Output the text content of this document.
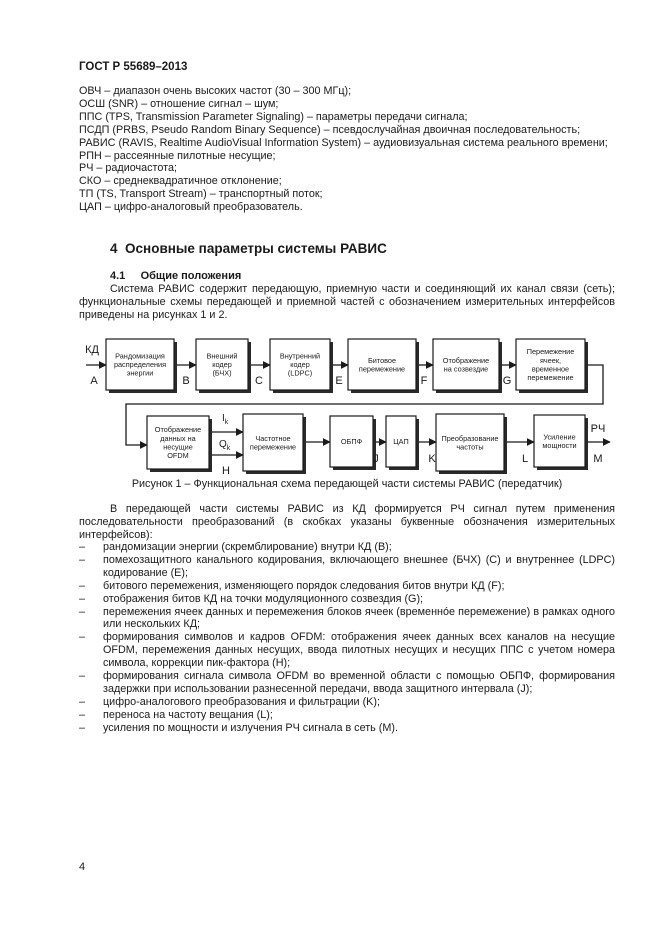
ГОСТ Р 55689–2013
ОВЧ – диапазон очень высоких частот (30 – 300 МГц);
ОСШ (SNR) – отношение сигнал – шум;
ППС (TPS, Transmission Parameter Signaling) – параметры передачи сигнала;
ПСДП (PRBS, Pseudo Random Binary Sequence) – псевдослучайная двоичная последовательность;
РАВИС (RAVIS, Realtime AudioVisual Information System) – аудиовизуальная система реального времени;
РПН – рассеянные пилотные несущие;
РЧ – радиочастота;
СКО – среднеквадратичное отклонение;
ТП (TS, Transport Stream) – транспортный поток;
ЦАП – цифро-аналоговый преобразователь.
4 Основные параметры системы РАВИС
4.1 Общие положения
Система РАВИС содержит передающую, приемную части и соединяющий их канал связи (сеть); функциональные схемы передающей и приемной частей с обозначением измерительных интерфейсов приведены на рисунках 1 и 2.
Рандомизация
распределения
энергии
Внешний
кодер
(БЧХ)
Внутренний
кодер
(LDPC)
Битовое
перемежение
Отображение
на созвездие
Перемежение
ячеек,
временное
перемежение
КД
A	B	C	E	F	G
Отображение
данных на
несущие
OFDM
Частотное
перемежение
ОБПФ	ЦАП	Преобразование
частоты
Усиление
мощности
$I_k$
$Q_k$
H
J	K	L
РЧ
M
Рисунок 1 – Функциональная схема передающей части системы РАВИС (передатчик)
В передающей части системы РАВИС из КД формируется РЧ сигнал путем применения последовательности преобразований (в скобках указаны буквенные обозначения измерительных интерфейсов):
– рандомизации энергии (скремблирование) внутри КД (B);
– помехозащитного канального кодирования, включающего внешнее (БЧХ) (С) и внутреннее (LDPC) кодирование (E);
– битового перемежения, изменяющего порядок следования битов внутри КД (F);
– отображения битов КД на точки модуляционного созвездия (G);
– перемежения ячеек данных и перемежения блоков ячеек (временнóе перемежение) в рамках одного или нескольких КД;
– формирования символов и кадров OFDM: отображения ячеек данных всех каналов на несущие OFDM, перемежения данных несущих, ввода пилотных несущих и несущих ППС с учетом номера символа, коррекции пик-фактора (H);
– формирования сигнала символа OFDM во временной области с помощью ОБПФ, формирования задержки при использовании разнесенной передачи, ввода защитного интервала (J);
– цифро-аналогового преобразования и фильтрации (K);
– переноса на частоту вещания (L);
– усиления по мощности и излучения РЧ сигнала в сеть (M).
4
